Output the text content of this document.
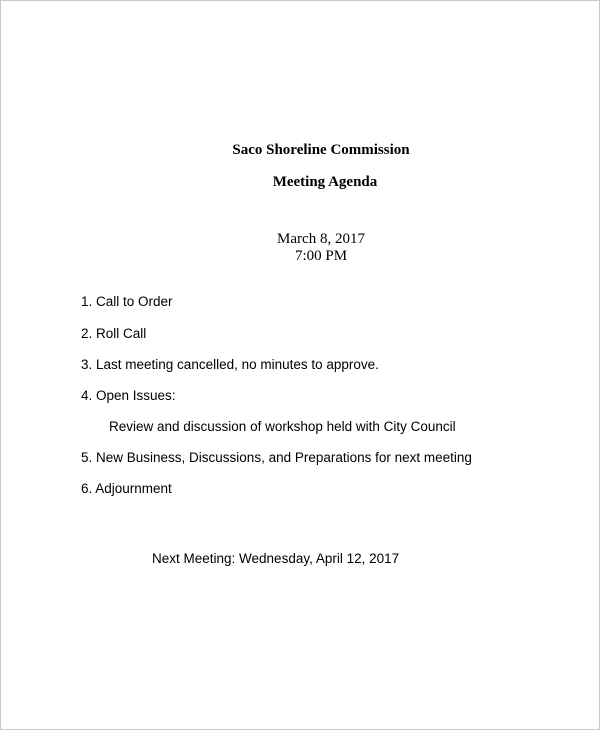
Saco Shoreline Commission
Meeting Agenda
March 8, 2017
7:00 PM
1. Call to Order
2. Roll Call
3. Last meeting cancelled, no minutes to approve.
4. Open Issues:
Review and discussion of workshop held with City Council
5. New Business, Discussions, and Preparations for next meeting
6. Adjournment
Next Meeting: Wednesday, April 12, 2017
